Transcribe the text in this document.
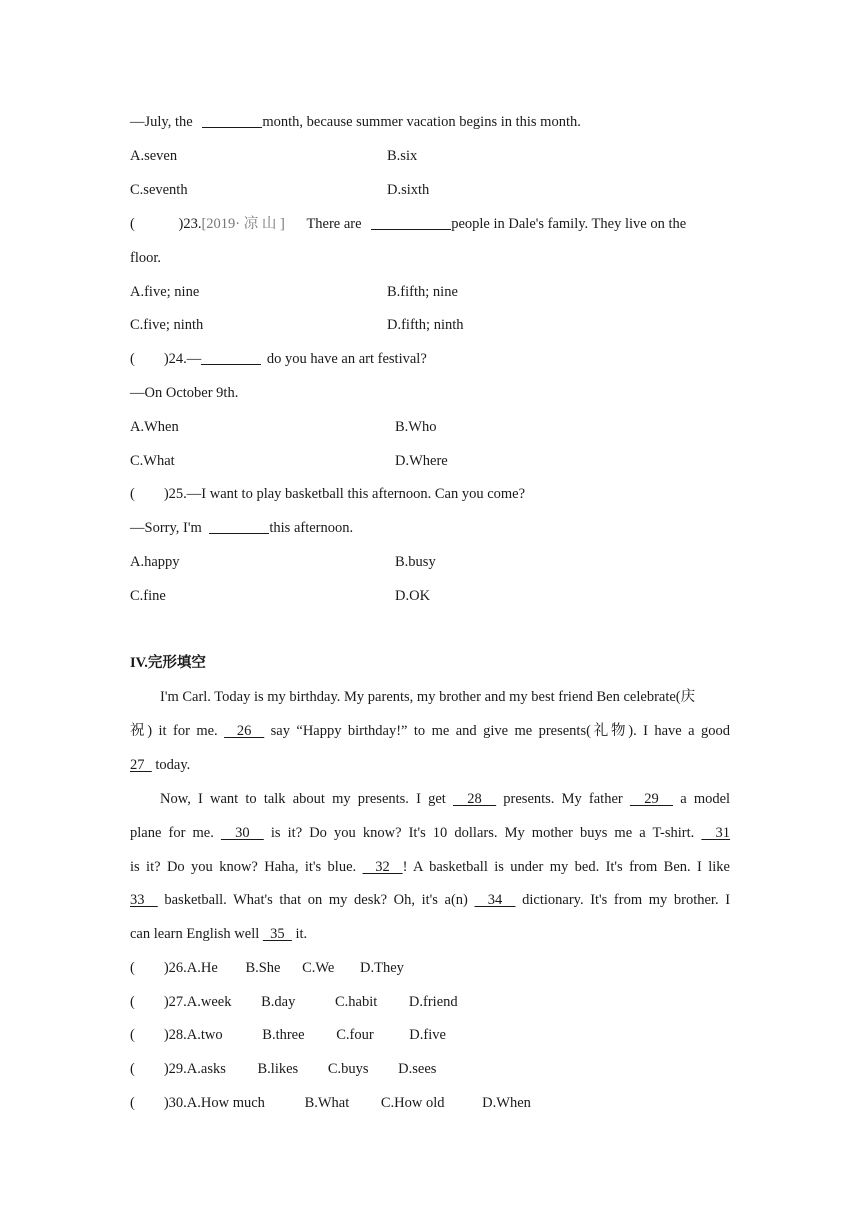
—July, the	month, because summer vacation begins in this month.
A.seven	B.six
C.seventh	D.sixth
(	)23.[2019· 凉 山 ] There are	people in Dale's family. They live on the
floor.
A.five; nine	B.fifth; nine
C.five; ninth	D.fifth; ninth
(        )24.—	do you have an art festival?
—On October 9th.
A.When	B.Who
C.What	D.Where
(        )25.—I want to play basketball this afternoon. Can you come?
—Sorry, I'm	this afternoon.
A.happy	B.busy
C.fine	D.OK
IV.完形填空
I'm Carl. Today is my birthday. My parents, my brother and my best friend Ben celebrate(庆
祝) it for me.   26   say “Happy birthday!” to me and give me presents(礼物). I have a good
27   today.
Now, I want to talk about my presents. I get   28   presents. My father   29   a model
plane for me.   30   is it? Do you know? It's 10 dollars. My mother buys me a T-shirt.   31
is it? Do you know? Haha, it's blue.   32  ! A basketball is under my bed. It's from Ben. I like
33   basketball. What's that on my desk? Oh, it's a(n)   34   dictionary. It's from my brother. I
can learn English well   35   it.
(        )26.A.He B.She C.We D.They
(        )27.A.week B.day	C.habit D.friend
(        )28.A.two	B.three C.four D.five
(        )29.A.asks B.likes C.buys D.sees
(        )30.A.How much	B.What C.How old	D.When
